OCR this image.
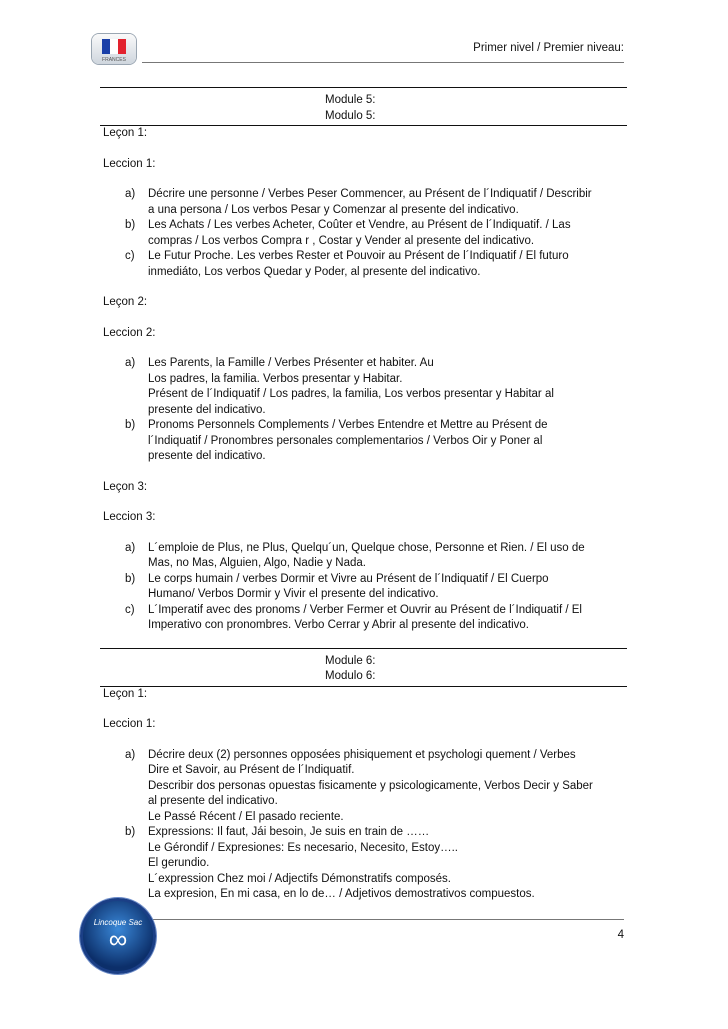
FRANCES
Primer nivel / Premier niveau:
Module 5:
Modulo 5:

Leçon 1:

Leccion 1:

a) Décrire une personne / Verbes Peser Commencer, au Présent de l´Indiquatif / Describir
a una persona / Los verbos Pesar y Comenzar al presente del indicativo.
b) Les Achats / Les verbes Acheter, Coûter et Vendre, au Présent de l´Indiquatif. / Las
compras / Los verbos Compra r , Costar y Vender al presente del indicativo.
c) Le Futur Proche. Les verbes Rester et Pouvoir au Présent de l´Indiquatif / El futuro
inmediáto, Los verbos Quedar y Poder, al presente del indicativo.

Leçon 2:

Leccion 2:

a) Les Parents, la Famille / Verbes Présenter et habiter. Au
Los padres, la familia. Verbos presentar y Habitar.
Présent de l´Indiquatif / Los padres, la familia, Los verbos presentar y Habitar al
presente del indicativo.
b) Pronoms Personnels Complements / Verbes Entendre et Mettre au Présent de
l´Indiquatif / Pronombres personales complementarios / Verbos Oir y Poner al
presente del indicativo.

Leçon 3:

Leccion 3:

a) L´emploie de Plus, ne Plus, Quelqu´un, Quelque chose, Personne et Rien. / El uso de
Mas, no Mas, Alguien, Algo, Nadie y Nada.
b) Le corps humain / verbes Dormir et Vivre au Présent de l´Indiquatif / El Cuerpo
Humano/ Verbos Dormir y Vivir el presente del indicativo.
c) L´Imperatif avec des pronoms / Verber Fermer et Ouvrir au Présent de l´Indiquatif / El
Imperativo con pronombres. Verbo Cerrar y Abrir al presente del indicativo.
Module 6:
Modulo 6:

Leçon 1:

Leccion 1:

a) Décrire deux (2) personnes opposées phisiquement et psychologi quement / Verbes
Dire et Savoir, au Présent de l´Indiquatif.
Describir dos personas opuestas fisicamente y psicologicamente, Verbos Decir y Saber
al presente del indicativo.
Le Passé Récent / El pasado reciente.
b) Expressions: Il faut, Jái besoin, Je suis en train de ……
Le Gérondif / Expresiones: Es necesario, Necesito, Estoy…..
El gerundio.
L´expression Chez moi / Adjectifs Démonstratifs composés.
La expresion, En mi casa, en lo de… / Adjetivos demostrativos compuestos.
4
Lincoque Sac
∞
